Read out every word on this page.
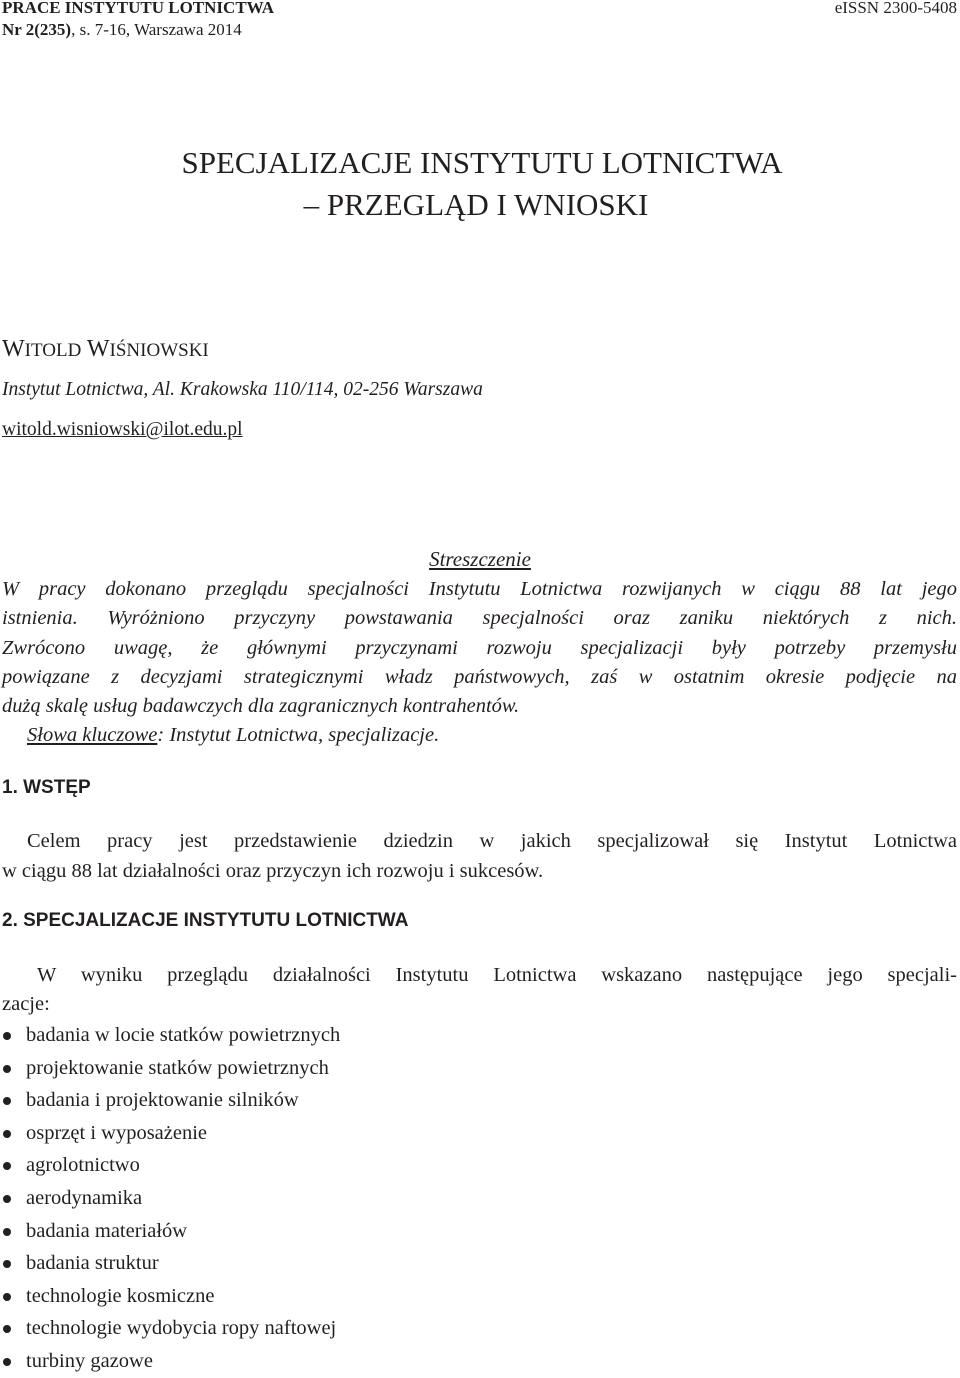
PRACE INSTYTUTU LOTNICTWA
Nr 2(235), s. 7-16, Warszawa 2014
eISSN 2300-5408
SPECJALIZACJE INSTYTUTU LOTNICTWA
– PRZEGLĄD I WNIOSKI
WITOLD WIŚNIOWSKI
Instytut Lotnictwa, Al. Krakowska 110/114, 02-256 Warszawa
witold.wisniowski@ilot.edu.pl
Streszczenie
W pracy dokonano przeglądu specjalności Instytutu Lotnictwa rozwijanych w ciągu 88 lat jego
istnienia. Wyróżniono przyczyny powstawania specjalności oraz zaniku niektórych z nich.
Zwrócono uwagę, że głównymi przyczynami rozwoju specjalizacji były potrzeby przemysłu
powiązane z decyzjami strategicznymi władz państwowych, zaś w ostatnim okresie podjęcie na
dużą skalę usług badawczych dla zagranicznych kontrahentów.
Słowa kluczowe: Instytut Lotnictwa, specjalizacje.
1. WSTĘP
Celem pracy jest przedstawienie dziedzin w jakich specjalizował się Instytut Lotnictwa
w ciągu 88 lat działalności oraz przyczyn ich rozwoju i sukcesów.
2. SPECJALIZACJE INSTYTUTU LOTNICTWA
W wyniku przeglądu działalności Instytutu Lotnictwa wskazano następujące jego specjali-
zacje:
badania w locie statków powietrznych
projektowanie statków powietrznych
badania i projektowanie silników
osprzęt i wyposażenie
agrolotnictwo
aerodynamika
badania materiałów
badania struktur
technologie kosmiczne
technologie wydobycia ropy naftowej
turbiny gazowe
